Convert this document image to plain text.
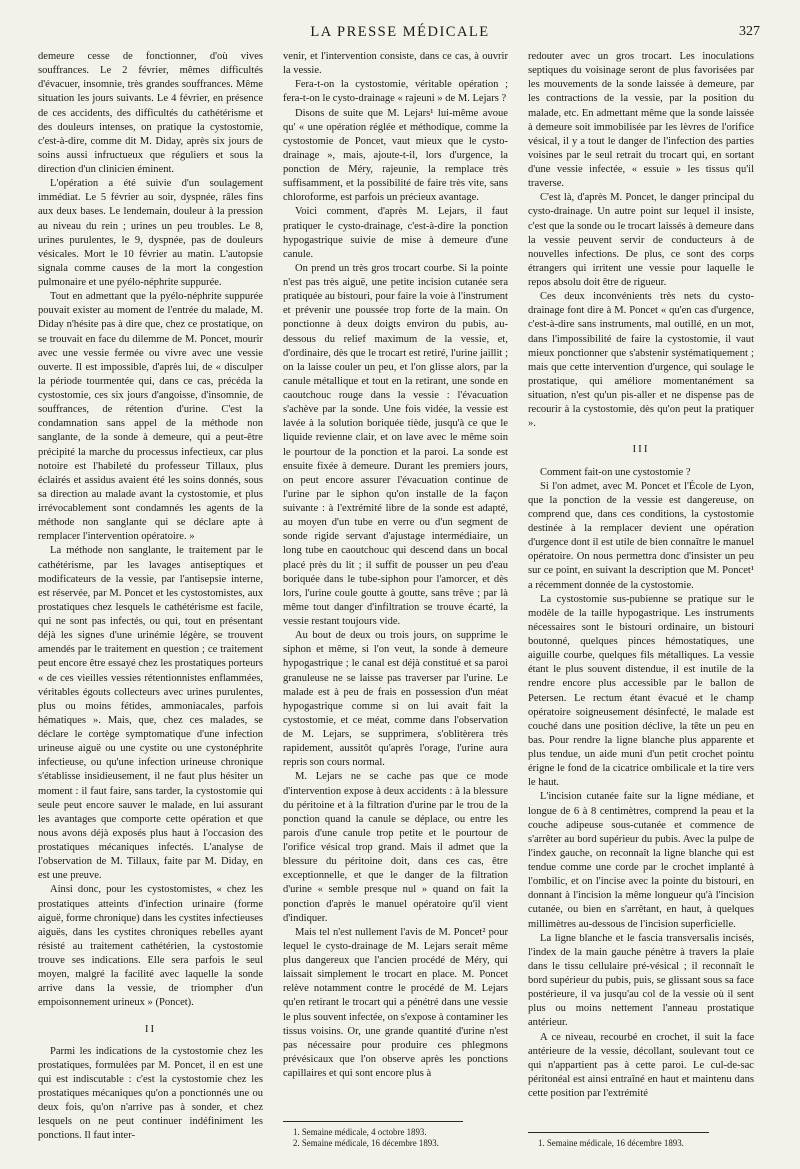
LA PRESSE MÉDICALE	327

demeure cesse de fonctionner, d'où vives souffrances. Le 2 février, mêmes difficultés d'évacuer, insomnie, très grandes souffrances. Même situation les jours suivants. Le 4 février, en présence de ces accidents, des difficultés du cathétérisme et des douleurs intenses, on pratique la cystostomie, c'est-à-dire, comme dit M. Diday, après six jours de soins aussi infructueux que réguliers et sous la direction d'un clinicien éminent.

L'opération a été suivie d'un soulagement immédiat. Le 5 février au soir, dyspnée, râles fins aux deux bases. Le lendemain, douleur à la pression au niveau du rein ; urines un peu troubles. Le 8, urines purulentes, le 9, dyspnée, pas de douleurs vésicales. Mort le 10 février au matin. L'autopsie signala comme causes de la mort la congestion pulmonaire et une pyélo-néphrite suppurée.

Tout en admettant que la pyélo-néphrite suppurée pouvait exister au moment de l'entrée du malade, M. Diday n'hésite pas à dire que, chez ce prostatique, on se trouvait en face du dilemme de M. Poncet, mourir avec une vessie fermée ou vivre avec une vessie ouverte. Il est impossible, d'après lui, de « disculper la période tourmentée qui, dans ce cas, précéda la cystostomie, ces six jours d'angoisse, d'insomnie, de souffrances, de rétention d'urine. C'est la condamnation sans appel de la méthode non sanglante, de la sonde à demeure, qui a peut-être précipité la marche du processus infectieux, car plus notoire est l'habileté du professeur Tillaux, plus éclairés et assidus avaient été les soins donnés, sous sa direction au malade avant la cystostomie, et plus irrévocablement sont condamnés les agents de la méthode non sanglante qui se déclare apte à remplacer l'intervention opératoire. »

La méthode non sanglante, le traitement par le cathétérisme, par les lavages antiseptiques et modificateurs de la vessie, par l'antisepsie interne, est réservée, par M. Poncet et les cystostomistes, aux prostatiques chez lesquels le cathétérisme est facile, qui ne sont pas infectés, ou qui, tout en présentant déjà les signes d'une urinémie légère, se trouvent amendés par le traitement en question ; ce traitement peut encore être essayé chez les prostatiques porteurs « de ces vieilles vessies rétentionnistes enflammées, véritables égouts collecteurs avec urines purulentes, plus ou moins fétides, ammoniacales, parfois hématiques ». Mais, que, chez ces malades, se déclare le cortège symptomatique d'une infection urineuse aiguë ou une cystite ou une cystonéphrite infectieuse, ou qu'une infection urineuse chronique s'établisse insidieusement, il ne faut plus hésiter un moment : il faut faire, sans tarder, la cystostomie qui seule peut encore sauver le malade, en lui assurant les avantages que comporte cette opération et que nous avons déjà exposés plus haut à l'occasion des prostatiques mécaniques infectés. L'analyse de l'observation de M. Tillaux, faite par M. Diday, en est une preuve.

Ainsi donc, pour les cystostomistes, « chez les prostatiques atteints d'infection urinaire (forme aiguë, forme chronique) dans les cystites infectieuses aiguës, dans les cystites chroniques rebelles ayant résisté au traitement cathétérien, la cystostomie trouve ses indications. Elle sera parfois le seul moyen, malgré la facilité avec laquelle la sonde arrive dans la vessie, de triompher d'un empoisonnement urineux » (Poncet).

II

Parmi les indications de la cystostomie chez les prostatiques, formulées par M. Poncet, il en est une qui est indiscutable : c'est la cystostomie chez les prostatiques mécaniques qu'on a ponctionnés une ou deux fois, qu'on n'arrive pas à sonder, et chez lesquels on ne peut continuer indéfiniment les ponctions. Il faut inter-

venir, et l'intervention consiste, dans ce cas, à ouvrir la vessie.

Fera-t-on la cystostomie, véritable opération ; fera-t-on le cysto-drainage « rajeuni » de M. Lejars ?

Disons de suite que M. Lejars¹ lui-même avoue qu' « une opération réglée et méthodique, comme la cystostomie de Poncet, vaut mieux que le cysto-drainage », mais, ajoute-t-il, lors d'urgence, la ponction de Méry, rajeunie, la remplace très suffisamment, et la possibilité de faire très vite, sans chloroforme, est parfois un précieux avantage.

Voici comment, d'après M. Lejars, il faut pratiquer le cysto-drainage, c'est-à-dire la ponction hypogastrique suivie de mise à demeure d'une canule.

On prend un très gros trocart courbe. Si la pointe n'est pas très aiguë, une petite incision cutanée sera pratiquée au bistouri, pour faire la voie à l'instrument et prévenir une poussée trop forte de la main. On ponctionne à deux doigts environ du pubis, au-dessous du relief maximum de la vessie, et, d'ordinaire, dès que le trocart est retiré, l'urine jaillit ; on la laisse couler un peu, et l'on glisse alors, par la canule métallique et tout en la retirant, une sonde en caoutchouc rouge dans la vessie : l'évacuation s'achève par la sonde. Une fois vidée, la vessie est lavée à la solution boriquée tiède, jusqu'à ce que le liquide revienne clair, et on lave avec le même soin le pourtour de la ponction et la paroi. La sonde est ensuite fixée à demeure. Durant les premiers jours, on peut encore assurer l'évacuation continue de l'urine par le siphon qu'on installe de la façon suivante : à l'extrémité libre de la sonde est adapté, au moyen d'un tube en verre ou d'un segment de sonde rigide servant d'ajustage intermédiaire, un long tube en caoutchouc qui descend dans un bocal placé près du lit ; il suffit de pousser un peu d'eau boriquée dans le tube-siphon pour l'amorcer, et dès lors, l'urine coule goutte à goutte, sans trêve ; par là même tout danger d'infiltration se trouve écarté, la vessie restant toujours vide.

Au bout de deux ou trois jours, on supprime le siphon et même, si l'on veut, la sonde à demeure hypogastrique ; le canal est déjà constitué et sa paroi granuleuse ne se laisse pas traverser par l'urine. Le malade est à peu de frais en possession d'un méat hypogastrique comme si on lui avait fait la cystostomie, et ce méat, comme dans l'observation de M. Lejars, se supprimera, s'oblitèrera très rapidement, aussitôt qu'après l'orage, l'urine aura repris son cours normal.

M. Lejars ne se cache pas que ce mode d'intervention expose à deux accidents : à la blessure du péritoine et à la filtration d'urine par le trou de la ponction quand la canule se déplace, ou entre les parois d'une canule trop petite et le pourtour de l'orifice vésical trop grand. Mais il admet que la blessure du péritoine doit, dans ces cas, être exceptionnelle, et que le danger de la filtration d'urine « semble presque nul » quand on fait la ponction d'après le manuel opératoire qu'il vient d'indiquer.

Mais tel n'est nullement l'avis de M. Poncet² pour lequel le cysto-drainage de M. Lejars serait même plus dangereux que l'ancien procédé de Méry, qui laissait simplement le trocart en place. M. Poncet relève notamment contre le procédé de M. Lejars qu'en retirant le trocart qui a pénétré dans une vessie le plus souvent infectée, on s'expose à contaminer les tissus voisins. Or, une grande quantité d'urine n'est pas nécessaire pour produire ces phlegmons prévésicaux que l'on observe après les ponctions capillaires et qui sont encore plus à

1. Semaine médicale, 4 octobre 1893.
2. Semaine médicale, 16 décembre 1893.

redouter avec un gros trocart. Les inoculations septiques du voisinage seront de plus favorisées par les mouvements de la sonde laissée à demeure, par les contractions de la vessie, par la position du malade, etc. En admettant même que la sonde laissée à demeure soit immobilisée par les lèvres de l'orifice vésical, il y a tout le danger de l'infection des parties voisines par le seul retrait du trocart qui, en sortant d'une vessie infectée, « essuie » les tissus qu'il traverse.

C'est là, d'après M. Poncet, le danger principal du cysto-drainage. Un autre point sur lequel il insiste, c'est que la sonde ou le trocart laissés à demeure dans la vessie peuvent servir de conducteurs à de nouvelles infections. De plus, ce sont des corps étrangers qui irritent une vessie pour laquelle le repos absolu doit être de rigueur.

Ces deux inconvénients très nets du cysto-drainage font dire à M. Poncet « qu'en cas d'urgence, c'est-à-dire sans instruments, mal outillé, en un mot, dans l'impossibilité de faire la cystostomie, il vaut mieux ponctionner que s'abstenir systématiquement ; mais que cette intervention d'urgence, qui soulage le prostatique, qui améliore momentanément sa situation, n'est qu'un pis-aller et ne dispense pas de recourir à la cystostomie, dès qu'on peut la pratiquer ».

III

Comment fait-on une cystostomie ?

Si l'on admet, avec M. Poncet et l'École de Lyon, que la ponction de la vessie est dangereuse, on comprend que, dans ces conditions, la cystostomie destinée à la remplacer devient une opération d'urgence dont il est utile de bien connaître le manuel opératoire. On nous permettra donc d'insister un peu sur ce point, en suivant la description que M. Poncet¹ a récemment donnée de la cystostomie.

La cystostomie sus-pubienne se pratique sur le modèle de la taille hypogastrique. Les instruments nécessaires sont le bistouri ordinaire, un bistouri boutonné, quelques pinces hémostatiques, une aiguille courbe, quelques fils métalliques. La vessie étant le plus souvent distendue, il est inutile de la rendre encore plus accessible par le ballon de Petersen. Le rectum étant évacué et le champ opératoire soigneusement désinfecté, le malade est couché dans une position déclive, la tête un peu en bas. Pour rendre la ligne blanche plus apparente et plus tendue, un aide muni d'un petit crochet pointu érigne le fond de la cicatrice ombilicale et la tire vers le haut.

L'incision cutanée faite sur la ligne médiane, et longue de 6 à 8 centimètres, comprend la peau et la couche adipeuse sous-cutanée et commence de s'arrêter au bord supérieur du pubis. Avec la pulpe de l'index gauche, on reconnaît la ligne blanche qui est tendue comme une corde par le crochet implanté à l'ombilic, et on l'incise avec la pointe du bistouri, en donnant à l'incision la même longueur qu'à l'incision cutanée, ou bien en s'arrêtant, en haut, à quelques millimètres au-dessous de l'incision superficielle.

La ligne blanche et le fascia transversalis incisés, l'index de la main gauche pénètre à travers la plaie dans le tissu cellulaire pré-vésical ; il reconnaît le bord supérieur du pubis, puis, se glissant sous sa face postérieure, il va jusqu'au col de la vessie où il sent plus ou moins nettement l'anneau prostatique antérieur.

A ce niveau, recourbé en crochet, il suit la face antérieure de la vessie, décollant, soulevant tout ce qui n'appartient pas à cette paroi. Le cul-de-sac péritonéal est ainsi entraîné en haut et maintenu dans cette position par l'extrémité

1. Semaine médicale, 16 décembre 1893.
